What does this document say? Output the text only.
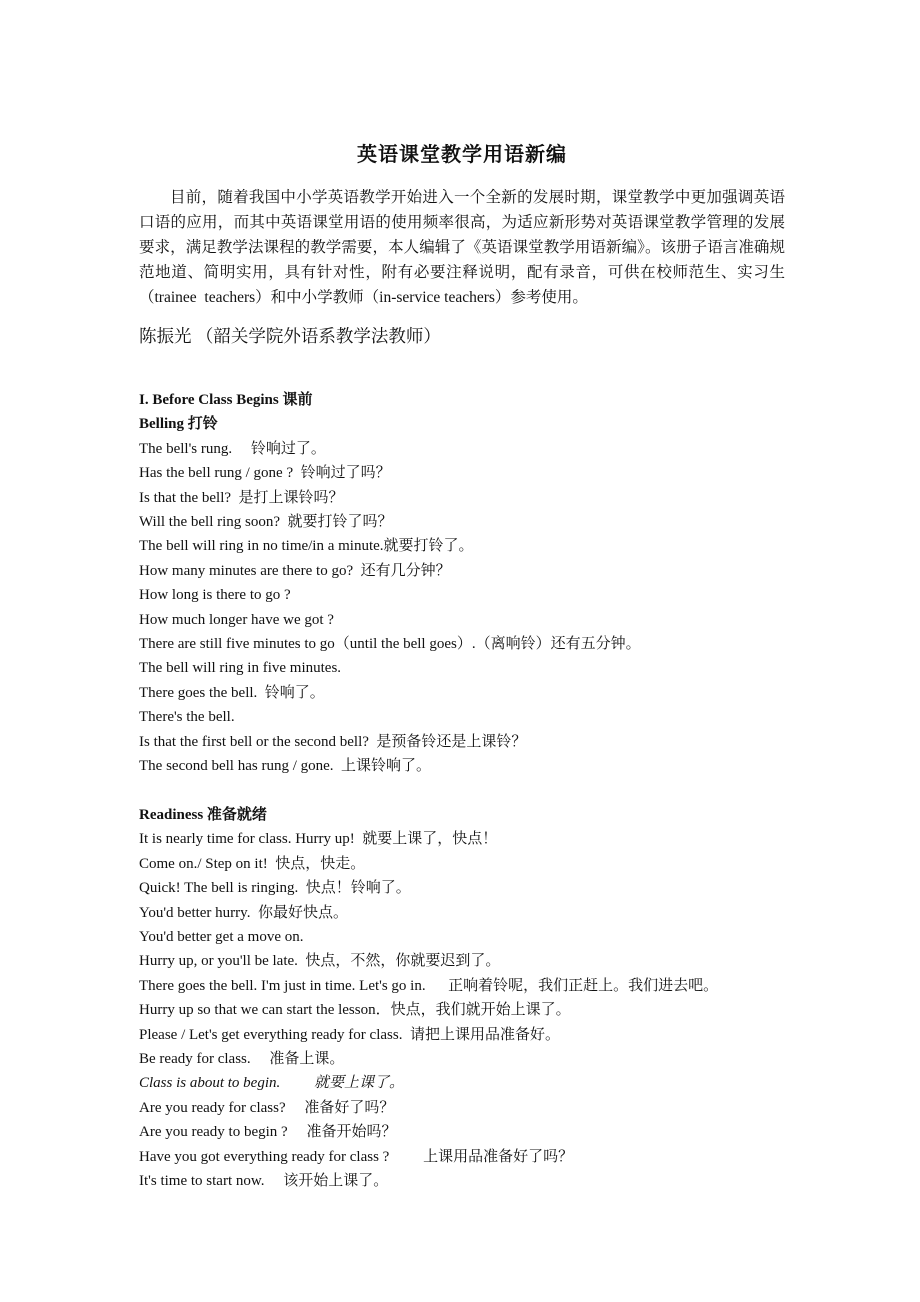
英语课堂教学用语新编

目前，随着我国中小学英语教学开始进入一个全新的发展时期，课堂教学中更加强调英语口语的应用，而其中英语课堂用语的使用频率很高，为适应新形势对英语课堂教学管理的发展要求，满足教学法课程的教学需要，本人编辑了《英语课堂教学用语新编》。该册子语言准确规范地道、简明实用，具有针对性，附有必要注释说明，配有录音，可供在校师范生、实习生（trainee  teachers）和中小学教师（in-service teachers）参考使用。

陈振光 （韶关学院外语系教学法教师）

I. Before Class Begins 课前
Belling 打铃
The bell's rung.　 铃响过了。
Has the bell rung / gone ?  铃响过了吗？
Is that the bell?  是打上课铃吗？
Will the bell ring soon?  就要打铃了吗？
The bell will ring in no time/in a minute.就要打铃了。
How many minutes are there to go?  还有几分钟？
How long is there to go ?
How much longer have we got ?
There are still five minutes to go（until the bell goes）.（离响铃）还有五分钟。
The bell will ring in five minutes.
There goes the bell.  铃响了。
There's the bell.
Is that the first bell or the second bell?  是预备铃还是上课铃？
The second bell has rung / gone.  上课铃响了。
Readiness 准备就绪
It is nearly time for class. Hurry up!  就要上课了，快点！
Come on./ Step on it!  快点，快走。
Quick! The bell is ringing.  快点！铃响了。
You'd better hurry.  你最好快点。
You'd better get a move on.
Hurry up, or you'll be late.  快点，不然，你就要迟到了。
There goes the bell. I'm just in time. Let's go in. 　 正响着铃呢，我们正赶上。我们进去吧。
Hurry up so that we can start the lesson．快点，我们就开始上课了。
Please / Let's get everything ready for class.  请把上课用品准备好。
Be ready for class. 　准备上课。
Class is about to begin. 　　就要上课了。
Are you ready for class? 　准备好了吗？
Are you ready to begin ? 　准备开始吗？
Have you got everything ready for class ? 　　上课用品准备好了吗？
It's time to start now. 　该开始上课了。
